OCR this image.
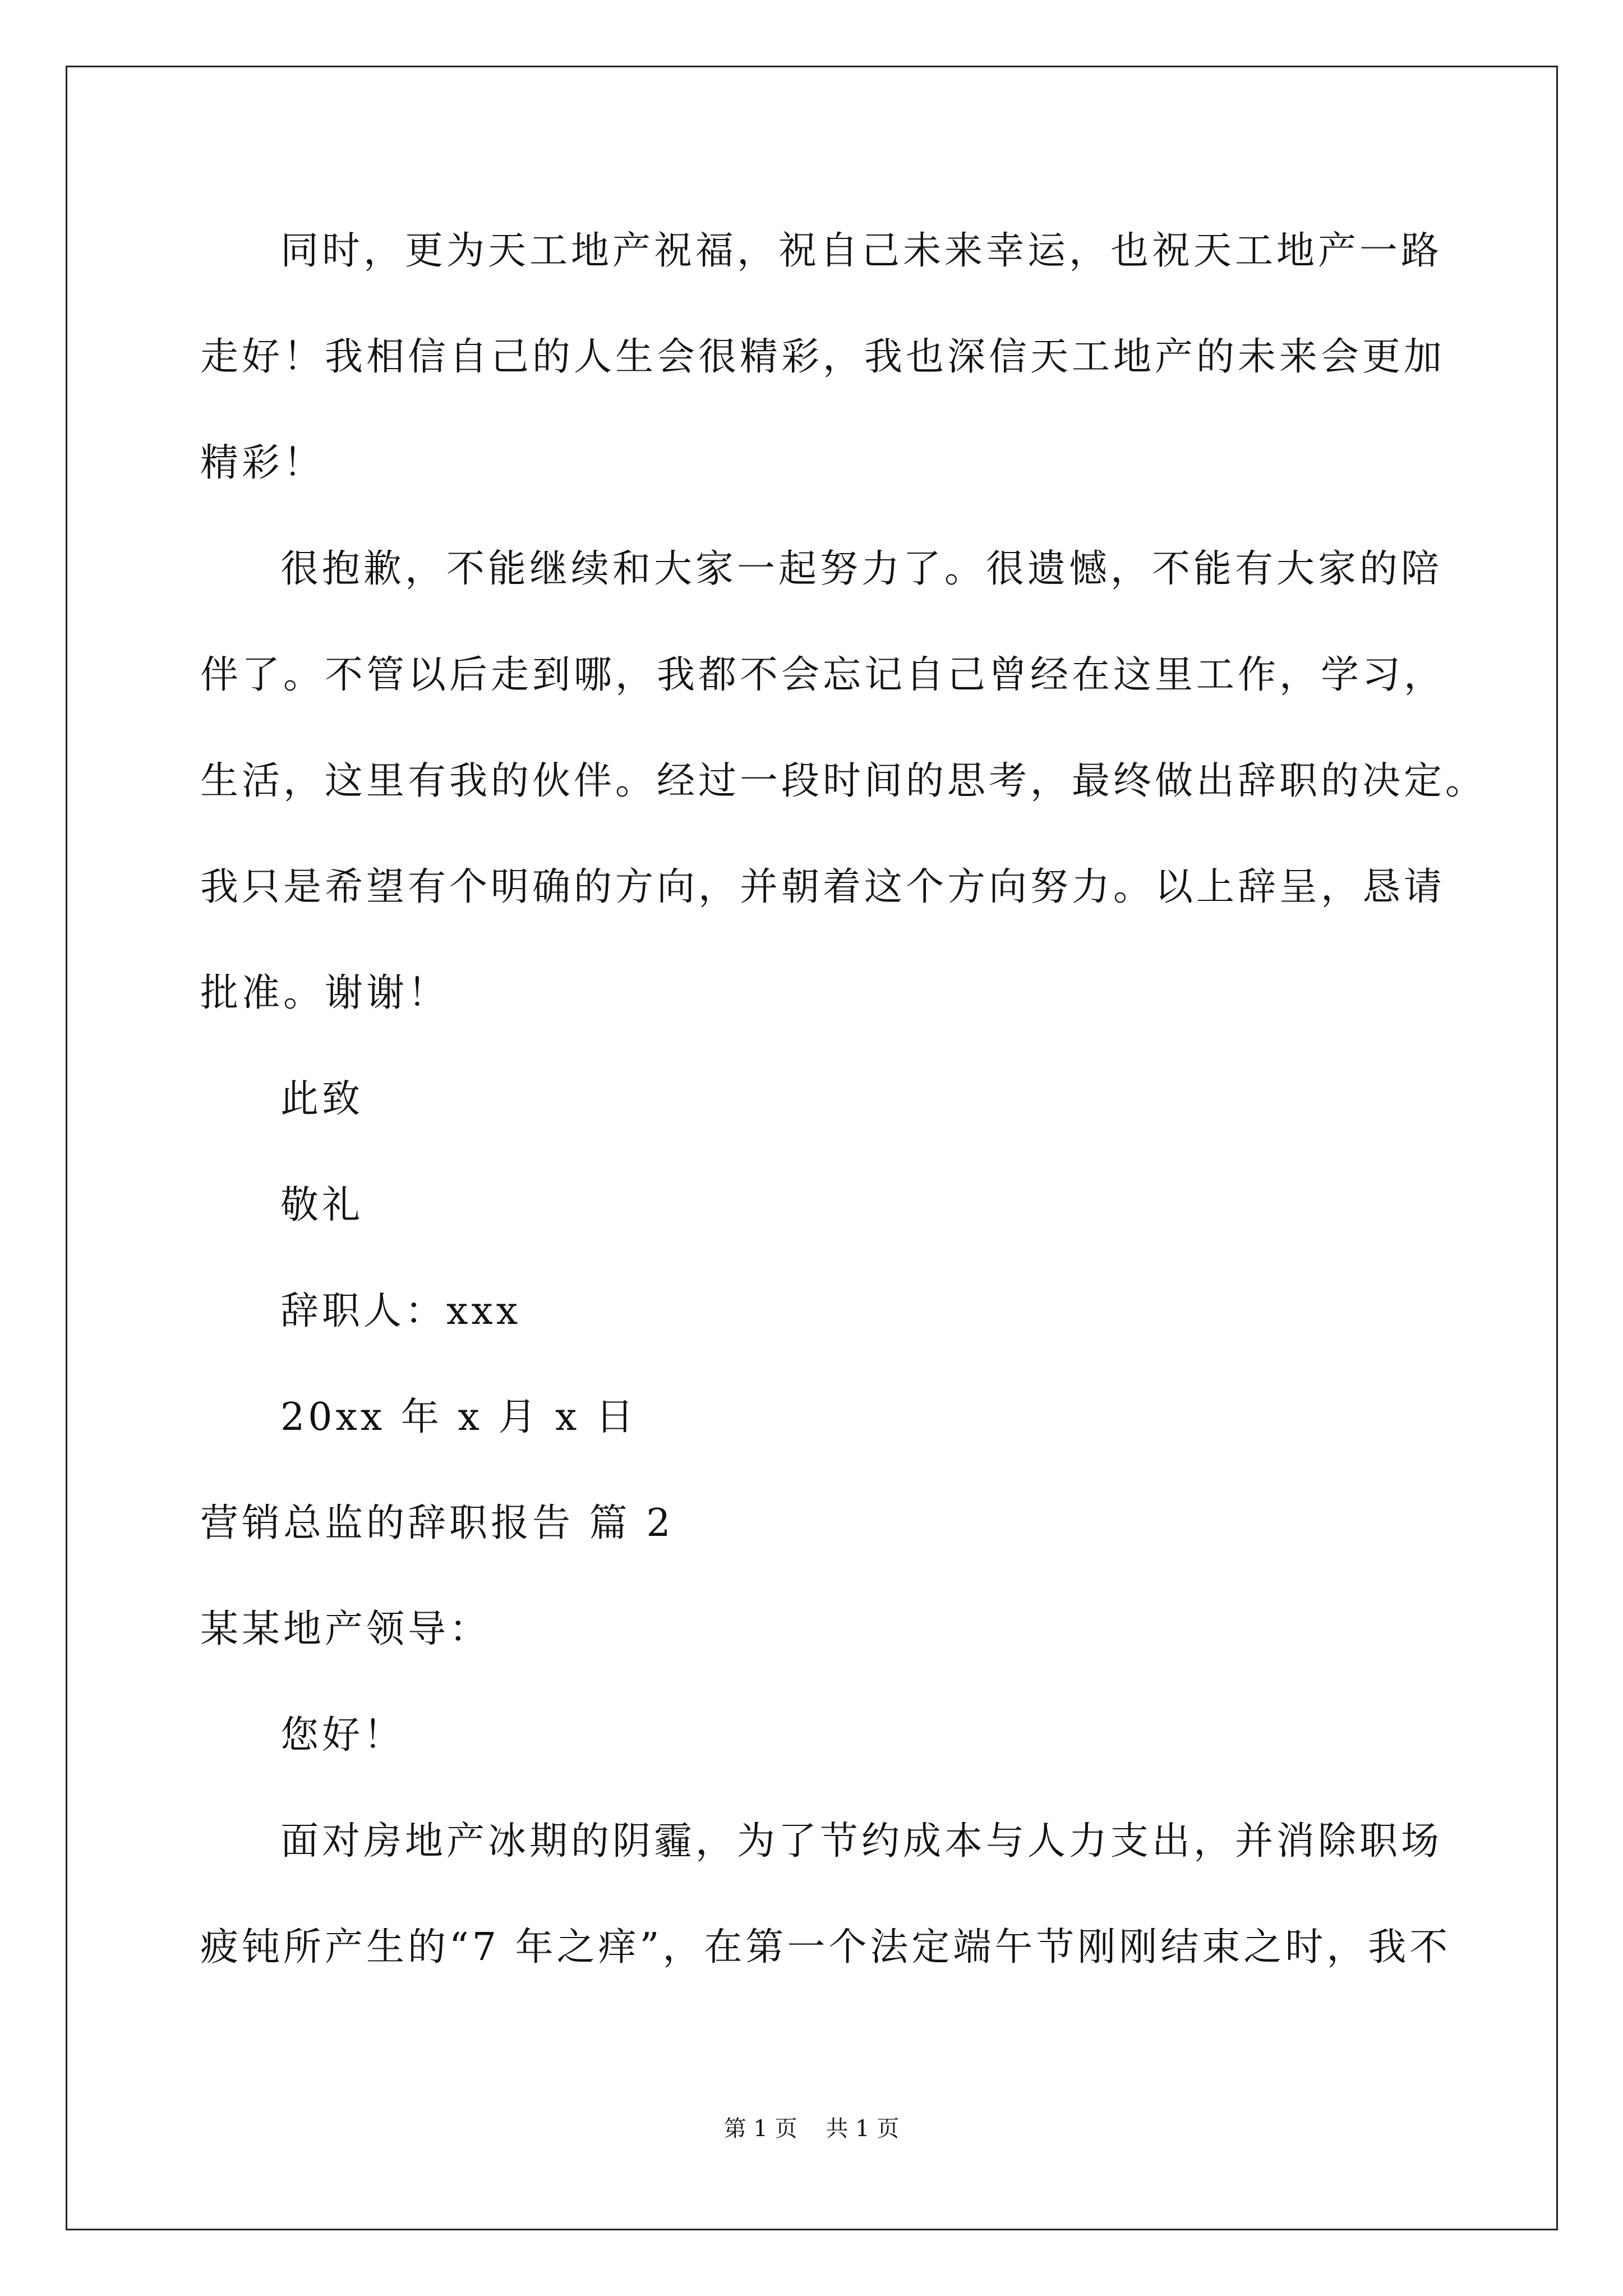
同时，更为天工地产祝福，祝自己未来幸运，也祝天工地产一路
走好！我相信自己的人生会很精彩，我也深信天工地产的未来会更加
精彩！
很抱歉，不能继续和大家一起努力了。很遗憾，不能有大家的陪
伴了。不管以后走到哪，我都不会忘记自己曾经在这里工作，学习，
生活，这里有我的伙伴。经过一段时间的思考，最终做出辞职的决定。
我只是希望有个明确的方向，并朝着这个方向努力。以上辞呈，恳请
批准。谢谢！
此致
敬礼
辞职人：xxx
20xx 年 x 月 x 日
营销总监的辞职报告 篇 2
某某地产领导：
您好！
面对房地产冰期的阴霾，为了节约成本与人力支出，并消除职场
疲钝所产生的“7 年之痒”，在第一个法定端午节刚刚结束之时，我不
第 1 页    共 1 页
